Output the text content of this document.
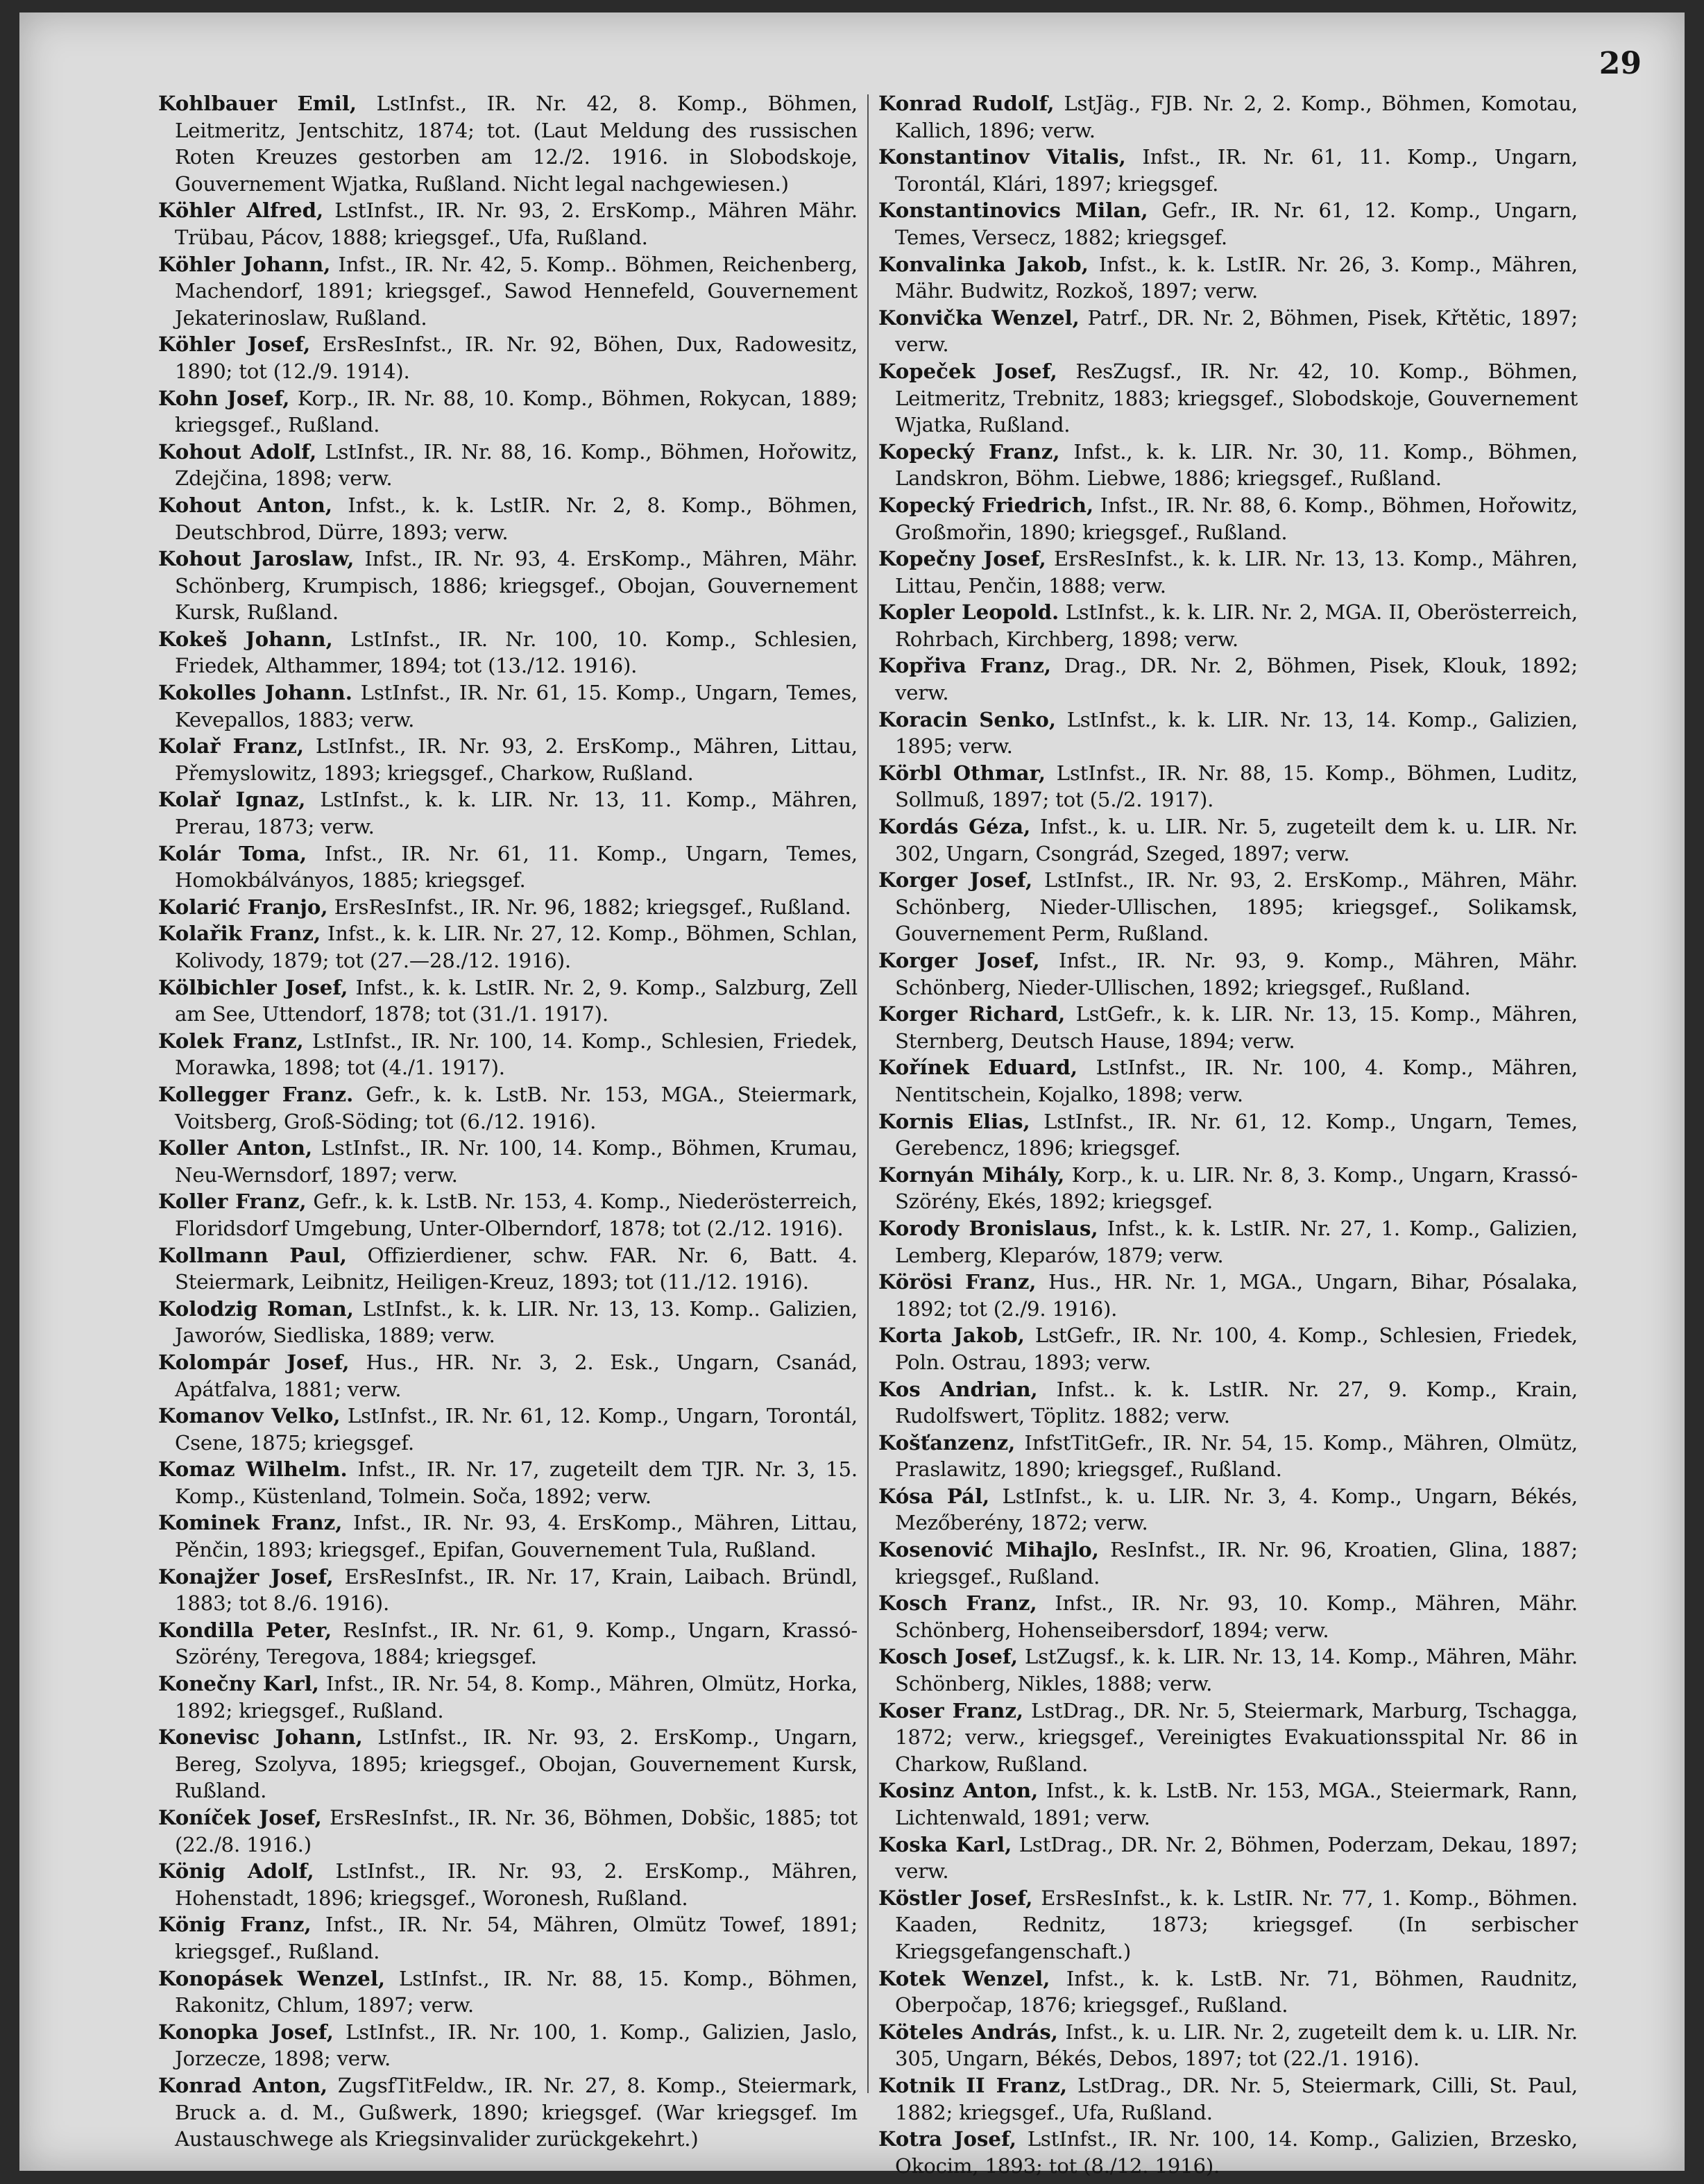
29

Kohlbauer Emil, LstInfst., IR. Nr. 42, 8. Komp., Böhmen, Leitmeritz, Jentschitz, 1874; tot. (Laut Meldung des russischen Roten Kreuzes gestorben am 12./2. 1916. in Slobodskoje, Gouvernement Wjatka, Rußland. Nicht legal nachgewiesen.)

Köhler Alfred, LstInfst., IR. Nr. 93, 2. ErsKomp., Mähren Mähr. Trübau, Pácov, 1888; kriegsgef., Ufa, Rußland.

Köhler Johann, Infst., IR. Nr. 42, 5. Komp.. Böhmen, Reichenberg, Machendorf, 1891; kriegsgef., Sawod Hennefeld, Gouvernement Jekaterinoslaw, Rußland.

Köhler Josef, ErsResInfst., IR. Nr. 92, Böhen, Dux, Radowesitz, 1890; tot (12./9. 1914).

Kohn Josef, Korp., IR. Nr. 88, 10. Komp., Böhmen, Rokycan, 1889; kriegsgef., Rußland.

Kohout Adolf, LstInfst., IR. Nr. 88, 16. Komp., Böhmen, Hořowitz, Zdejčina, 1898; verw.

Kohout Anton, Infst., k. k. LstIR. Nr. 2, 8. Komp., Böhmen, Deutschbrod, Dürre, 1893; verw.

Kohout Jaroslaw, Infst., IR. Nr. 93, 4. ErsKomp., Mähren, Mähr. Schönberg, Krumpisch, 1886; kriegsgef., Obojan, Gouvernement Kursk, Rußland.

Kokeš Johann, LstInfst., IR. Nr. 100, 10. Komp., Schlesien, Friedek, Althammer, 1894; tot (13./12. 1916).

Kokolles Johann. LstInfst., IR. Nr. 61, 15. Komp., Ungarn, Temes, Kevepallos, 1883; verw.

Kolař Franz, LstInfst., IR. Nr. 93, 2. ErsKomp., Mähren, Littau, Přemyslowitz, 1893; kriegsgef., Charkow, Rußland.

Kolař Ignaz, LstInfst., k. k. LIR. Nr. 13, 11. Komp., Mähren, Prerau, 1873; verw.

Kolár Toma, Infst., IR. Nr. 61, 11. Komp., Ungarn, Temes, Homokbálványos, 1885; kriegsgef.

Kolarić Franjo, ErsResInfst., IR. Nr. 96, 1882; kriegsgef., Rußland.

Kolařik Franz, Infst., k. k. LIR. Nr. 27, 12. Komp., Böhmen, Schlan, Kolivody, 1879; tot (27.—28./12. 1916).

Kölbichler Josef, Infst., k. k. LstIR. Nr. 2, 9. Komp., Salzburg, Zell am See, Uttendorf, 1878; tot (31./1. 1917).

Kolek Franz, LstInfst., IR. Nr. 100, 14. Komp., Schlesien, Friedek, Morawka, 1898; tot (4./1. 1917).

Kollegger Franz. Gefr., k. k. LstB. Nr. 153, MGA., Steiermark, Voitsberg, Groß-Söding; tot (6./12. 1916).

Koller Anton, LstInfst., IR. Nr. 100, 14. Komp., Böhmen, Krumau, Neu-Wernsdorf, 1897; verw.

Koller Franz, Gefr., k. k. LstB. Nr. 153, 4. Komp., Niederösterreich, Floridsdorf Umgebung, Unter-Olberndorf, 1878; tot (2./12. 1916).

Kollmann Paul, Offizierdiener, schw. FAR. Nr. 6, Batt. 4. Steiermark, Leibnitz, Heiligen-Kreuz, 1893; tot (11./12. 1916).

Kolodzig Roman, LstInfst., k. k. LIR. Nr. 13, 13. Komp.. Galizien, Jaworów, Siedliska, 1889; verw.

Kolompár Josef, Hus., HR. Nr. 3, 2. Esk., Ungarn, Csanád, Apátfalva, 1881; verw.

Komanov Velko, LstInfst., IR. Nr. 61, 12. Komp., Ungarn, Torontál, Csene, 1875; kriegsgef.

Komaz Wilhelm. Infst., IR. Nr. 17, zugeteilt dem TJR. Nr. 3, 15. Komp., Küstenland, Tolmein. Soča, 1892; verw.

Kominek Franz, Infst., IR. Nr. 93, 4. ErsKomp., Mähren, Littau, Pěnčin, 1893; kriegsgef., Epifan, Gouvernement Tula, Rußland.

Konajžer Josef, ErsResInfst., IR. Nr. 17, Krain, Laibach. Bründl, 1883; tot 8./6. 1916).

Kondilla Peter, ResInfst., IR. Nr. 61, 9. Komp., Ungarn, Krassó-Szörény, Teregova, 1884; kriegsgef.

Konečny Karl, Infst., IR. Nr. 54, 8. Komp., Mähren, Olmütz, Horka, 1892; kriegsgef., Rußland.

Konevisc Johann, LstInfst., IR. Nr. 93, 2. ErsKomp., Ungarn, Bereg, Szolyva, 1895; kriegsgef., Obojan, Gouvernement Kursk, Rußland.

Koníček Josef, ErsResInfst., IR. Nr. 36, Böhmen, Dobšic, 1885; tot (22./8. 1916.)

König Adolf, LstInfst., IR. Nr. 93, 2. ErsKomp., Mähren, Hohenstadt, 1896; kriegsgef., Woronesh, Rußland.

König Franz, Infst., IR. Nr. 54, Mähren, Olmütz Towef, 1891; kriegsgef., Rußland.

Konopásek Wenzel, LstInfst., IR. Nr. 88, 15. Komp., Böhmen, Rakonitz, Chlum, 1897; verw.

Konopka Josef, LstInfst., IR. Nr. 100, 1. Komp., Galizien, Jaslo, Jorzecze, 1898; verw.

Konrad Anton, ZugsfTitFeldw., IR. Nr. 27, 8. Komp., Steiermark, Bruck a. d. M., Gußwerk, 1890; kriegsgef. (War kriegsgef. Im Austauschwege als Kriegsinvalider zurückgekehrt.)

Konrad Rudolf, LstJäg., FJB. Nr. 2, 2. Komp., Böhmen, Komotau, Kallich, 1896; verw.

Konstantinov Vitalis, Infst., IR. Nr. 61, 11. Komp., Ungarn, Torontál, Klári, 1897; kriegsgef.

Konstantinovics Milan, Gefr., IR. Nr. 61, 12. Komp., Ungarn, Temes, Versecz, 1882; kriegsgef.

Konvalinka Jakob, Infst., k. k. LstIR. Nr. 26, 3. Komp., Mähren, Mähr. Budwitz, Rozkoš, 1897; verw.

Konvička Wenzel, Patrf., DR. Nr. 2, Böhmen, Pisek, Křtětic, 1897; verw.

Kopeček Josef, ResZugsf., IR. Nr. 42, 10. Komp., Böhmen, Leitmeritz, Trebnitz, 1883; kriegsgef., Slobodskoje, Gouvernement Wjatka, Rußland.

Kopecký Franz, Infst., k. k. LIR. Nr. 30, 11. Komp., Böhmen, Landskron, Böhm. Liebwe, 1886; kriegsgef., Rußland.

Kopecký Friedrich, Infst., IR. Nr. 88, 6. Komp., Böhmen, Hořowitz, Großmořin, 1890; kriegsgef., Rußland.

Kopečny Josef, ErsResInfst., k. k. LIR. Nr. 13, 13. Komp., Mähren, Littau, Penčin, 1888; verw.

Kopler Leopold. LstInfst., k. k. LIR. Nr. 2, MGA. II, Oberösterreich, Rohrbach, Kirchberg, 1898; verw.

Kopřiva Franz, Drag., DR. Nr. 2, Böhmen, Pisek, Klouk, 1892; verw.

Koracin Senko, LstInfst., k. k. LIR. Nr. 13, 14. Komp., Galizien, 1895; verw.

Körbl Othmar, LstInfst., IR. Nr. 88, 15. Komp., Böhmen, Luditz, Sollmuß, 1897; tot (5./2. 1917).

Kordás Géza, Infst., k. u. LIR. Nr. 5, zugeteilt dem k. u. LIR. Nr. 302, Ungarn, Csongrád, Szeged, 1897; verw.

Korger Josef, LstInfst., IR. Nr. 93, 2. ErsKomp., Mähren, Mähr. Schönberg, Nieder-Ullischen, 1895; kriegsgef., Solikamsk, Gouvernement Perm, Rußland.

Korger Josef, Infst., IR. Nr. 93, 9. Komp., Mähren, Mähr. Schönberg, Nieder-Ullischen, 1892; kriegsgef., Rußland.

Korger Richard, LstGefr., k. k. LIR. Nr. 13, 15. Komp., Mähren, Sternberg, Deutsch Hause, 1894; verw.

Kořínek Eduard, LstInfst., IR. Nr. 100, 4. Komp., Mähren, Nentitschein, Kojalko, 1898; verw.

Kornis Elias, LstInfst., IR. Nr. 61, 12. Komp., Ungarn, Temes, Gerebencz, 1896; kriegsgef.

Kornyán Mihály, Korp., k. u. LIR. Nr. 8, 3. Komp., Ungarn, Krassó-Szörény, Ekés, 1892; kriegsgef.

Korody Bronislaus, Infst., k. k. LstIR. Nr. 27, 1. Komp., Galizien, Lemberg, Kleparów, 1879; verw.

Körösi Franz, Hus., HR. Nr. 1, MGA., Ungarn, Bihar, Pósalaka, 1892; tot (2./9. 1916).

Korta Jakob, LstGefr., IR. Nr. 100, 4. Komp., Schlesien, Friedek, Poln. Ostrau, 1893; verw.

Kos Andrian, Infst.. k. k. LstIR. Nr. 27, 9. Komp., Krain, Rudolfswert, Töplitz. 1882; verw.

Košťanzenz, InfstTitGefr., IR. Nr. 54, 15. Komp., Mähren, Olmütz, Praslawitz, 1890; kriegsgef., Rußland.

Kósa Pál, LstInfst., k. u. LIR. Nr. 3, 4. Komp., Ungarn, Békés, Mezőberény, 1872; verw.

Kosenović Mihajlo, ResInfst., IR. Nr. 96, Kroatien, Glina, 1887; kriegsgef., Rußland.

Kosch Franz, Infst., IR. Nr. 93, 10. Komp., Mähren, Mähr. Schönberg, Hohenseibersdorf, 1894; verw.

Kosch Josef, LstZugsf., k. k. LIR. Nr. 13, 14. Komp., Mähren, Mähr. Schönberg, Nikles, 1888; verw.

Koser Franz, LstDrag., DR. Nr. 5, Steiermark, Marburg, Tschagga, 1872; verw., kriegsgef., Vereinigtes Evakuationsspital Nr. 86 in Charkow, Rußland.

Kosinz Anton, Infst., k. k. LstB. Nr. 153, MGA., Steiermark, Rann, Lichtenwald, 1891; verw.

Koska Karl, LstDrag., DR. Nr. 2, Böhmen, Poderzam, Dekau, 1897; verw.

Köstler Josef, ErsResInfst., k. k. LstIR. Nr. 77, 1. Komp., Böhmen. Kaaden, Rednitz, 1873; kriegsgef. (In serbischer Kriegsgefangenschaft.)

Kotek Wenzel, Infst., k. k. LstB. Nr. 71, Böhmen, Raudnitz, Oberpočap, 1876; kriegsgef., Rußland.

Köteles András, Infst., k. u. LIR. Nr. 2, zugeteilt dem k. u. LIR. Nr. 305, Ungarn, Békés, Debos, 1897; tot (22./1. 1916).

Kotnik II Franz, LstDrag., DR. Nr. 5, Steiermark, Cilli, St. Paul, 1882; kriegsgef., Ufa, Rußland.

Kotra Josef, LstInfst., IR. Nr. 100, 14. Komp., Galizien, Brzesko, Okocim, 1893; tot (8./12. 1916).
